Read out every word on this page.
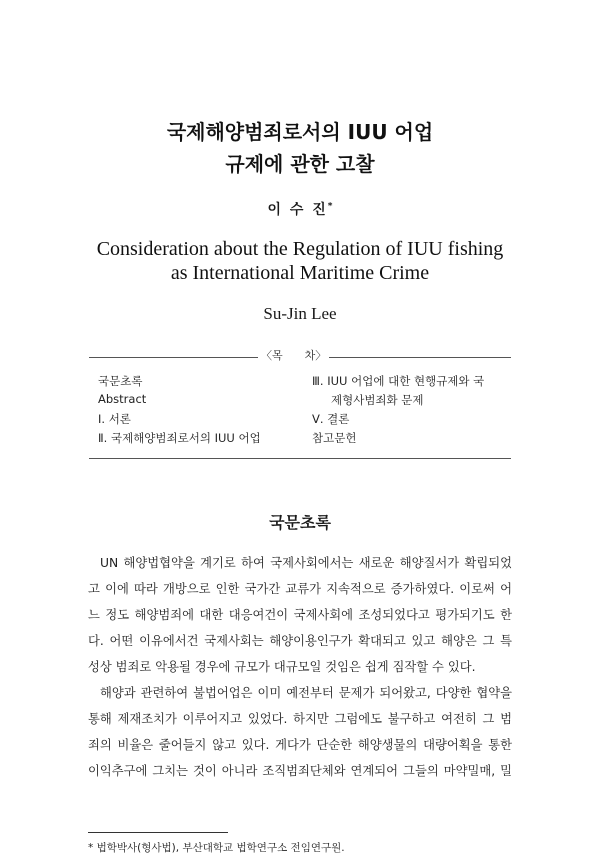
국제해양범죄로서의 IUU 어업
규제에 관한 고찰
이 수 진*
Consideration about the Regulation of IUU fishing
as International Maritime Crime
Su-Jin Lee
〈목　　차〉
국문초록
Abstract
Ⅰ. 서론
Ⅱ. 국제해양범죄로서의 IUU 어업
Ⅲ. IUU 어업에 대한 현행규제와 국
제형사범죄화 문제
Ⅴ. 결론
참고문헌
국문초록
UN 해양법협약을 계기로 하여 국제사회에서는 새로운 해양질서가 확립되었
고 이에 따라 개방으로 인한 국가간 교류가 지속적으로 증가하였다. 이로써 어
느 정도 해양범죄에 대한 대응여건이 국제사회에 조성되었다고 평가되기도 한
다. 어떤 이유에서건 국제사회는 해양이용인구가 확대되고 있고 해양은 그 특
성상 범죄로 악용될 경우에 규모가 대규모일 것임은 쉽게 짐작할 수 있다.
해양과 관련하여 불법어업은 이미 예전부터 문제가 되어왔고, 다양한 협약을
통해 제재조치가 이루어지고 있었다. 하지만 그럼에도 불구하고 여전히 그 범
죄의 비율은 줄어들지 않고 있다. 게다가 단순한 해양생물의 대량어획을 통한
이익추구에 그치는 것이 아니라 조직범죄단체와 연계되어 그들의 마약밀매, 밀
* 법학박사(형사법), 부산대학교 법학연구소 전임연구원.
